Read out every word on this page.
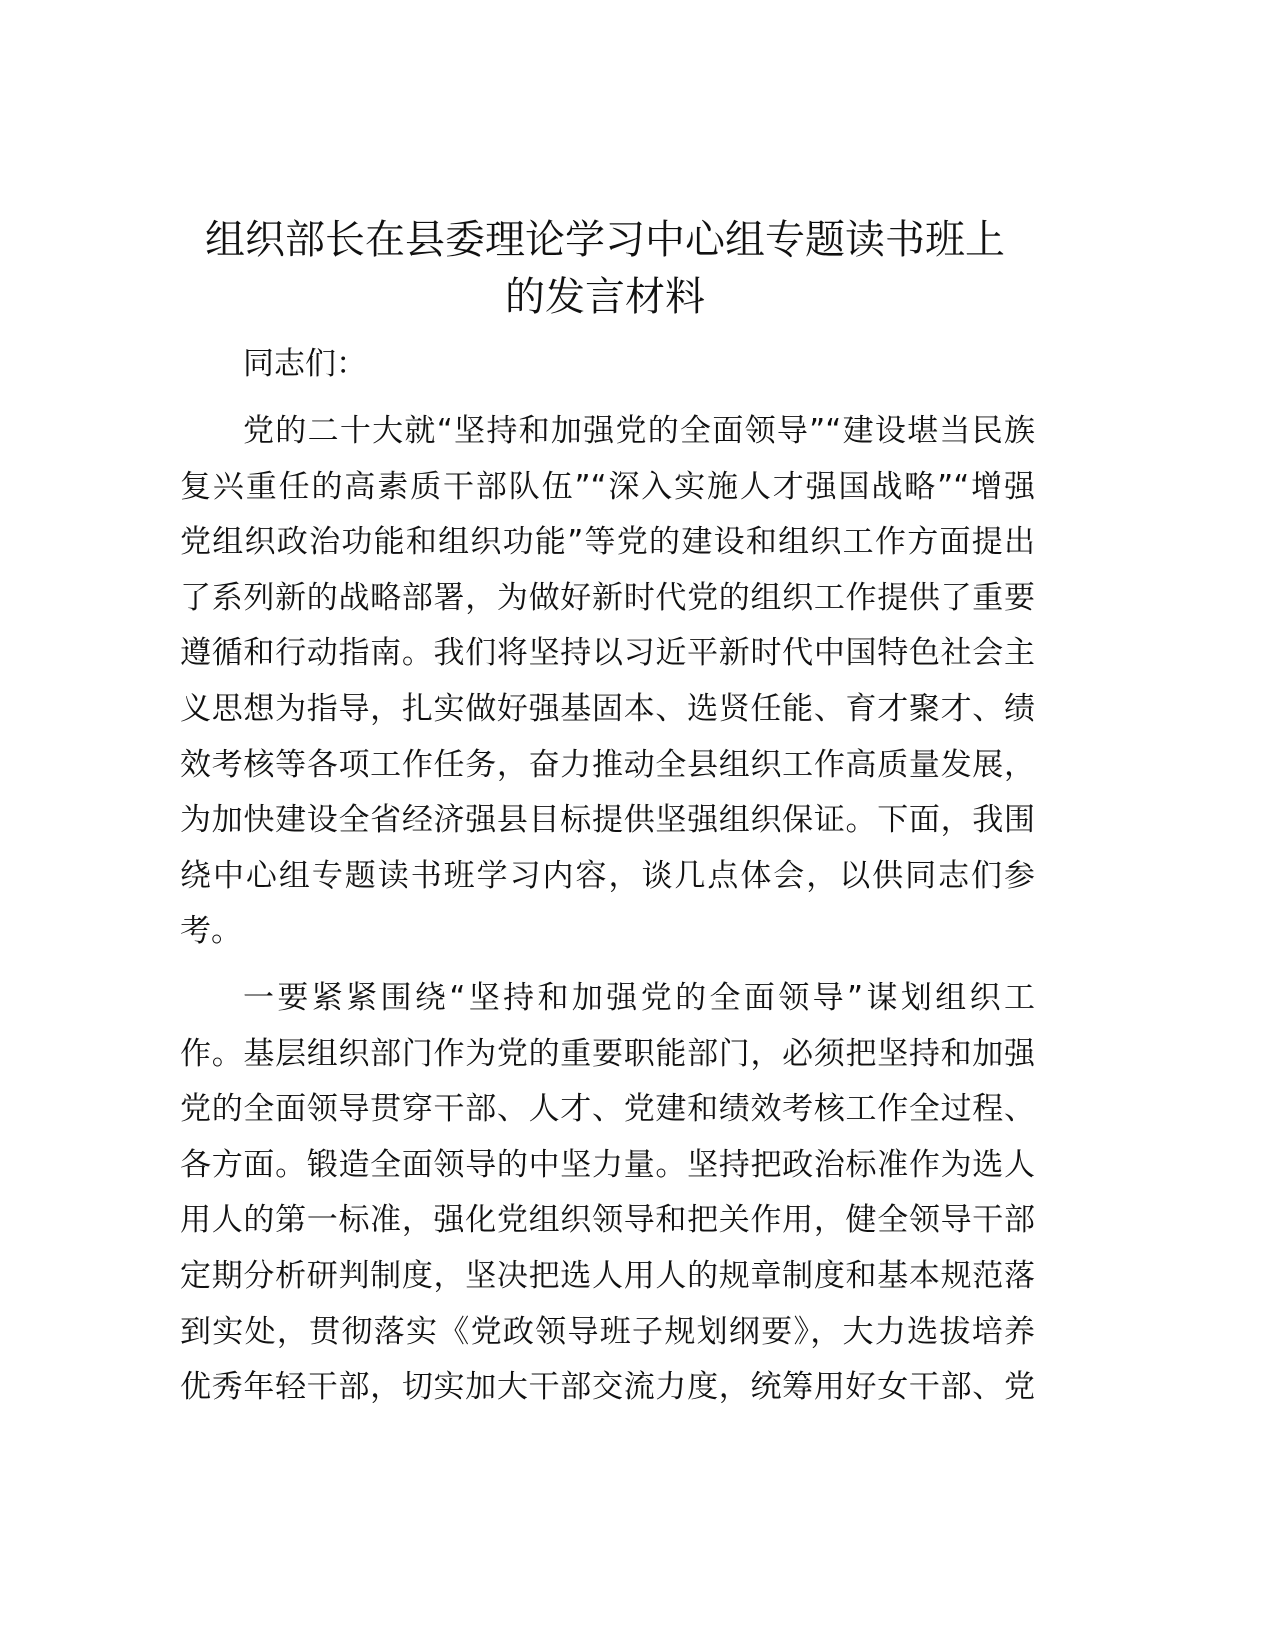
组织部长在县委理论学习中心组专题读书班上
的发言材料
同志们：
党的二十大就“坚持和加强党的全面领导”“建设堪当民族
复兴重任的高素质干部队伍”“深入实施人才强国战略”“增强
党组织政治功能和组织功能”等党的建设和组织工作方面提出
了系列新的战略部署，为做好新时代党的组织工作提供了重要
遵循和行动指南。我们将坚持以习近平新时代中国特色社会主
义思想为指导，扎实做好强基固本、选贤任能、育才聚才、绩
效考核等各项工作任务，奋力推动全县组织工作高质量发展，
为加快建设全省经济强县目标提供坚强组织保证。下面，我围
绕中心组专题读书班学习内容，谈几点体会，以供同志们参
考。
一要紧紧围绕“坚持和加强党的全面领导”谋划组织工
作。基层组织部门作为党的重要职能部门，必须把坚持和加强
党的全面领导贯穿干部、人才、党建和绩效考核工作全过程、
各方面。锻造全面领导的中坚力量。坚持把政治标准作为选人
用人的第一标准，强化党组织领导和把关作用，健全领导干部
定期分析研判制度，坚决把选人用人的规章制度和基本规范落
到实处，贯彻落实《党政领导班子规划纲要》，大力选拔培养
优秀年轻干部，切实加大干部交流力度，统筹用好女干部、党
